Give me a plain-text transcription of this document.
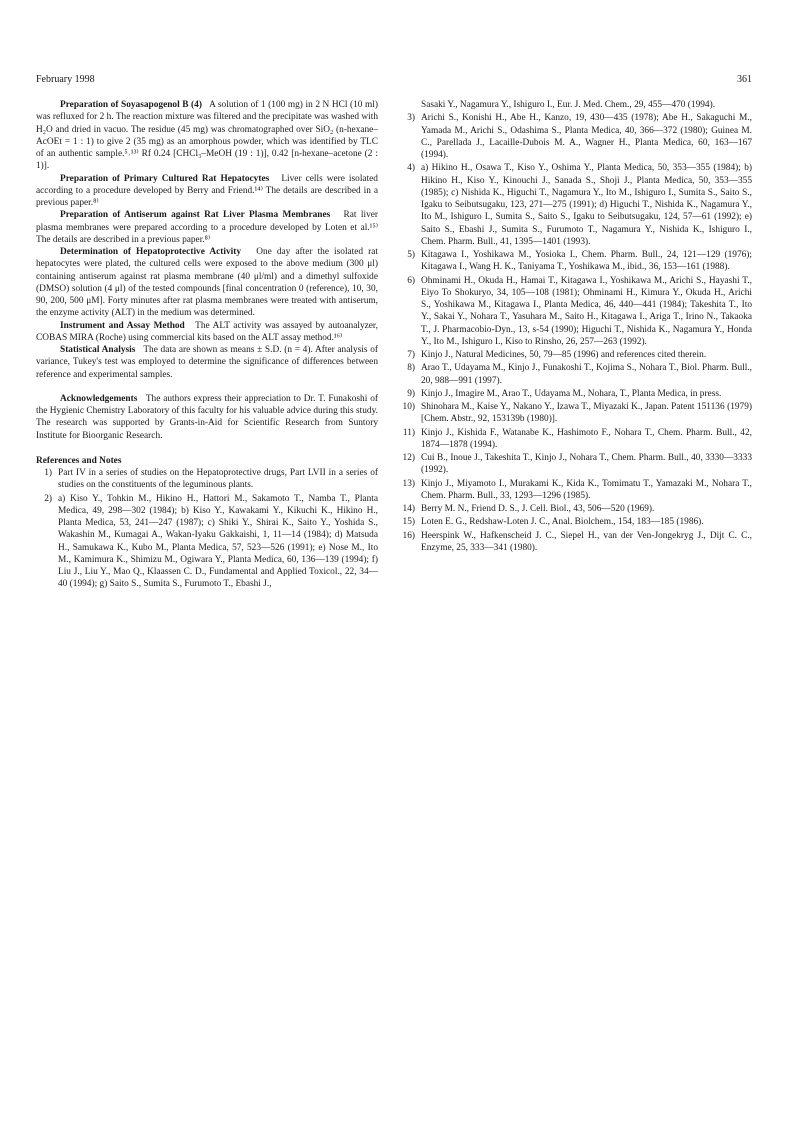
February 1998	361

Preparation of Soyasapogenol B (4) A solution of 1 (100 mg) in 2 N HCl (10 ml) was refluxed for 2 h. The reaction mixture was filtered and the precipitate was washed with H₂O and dried in vacuo. The residue (45 mg) was chromatographed over SiO₂ (n-hexane–AcOEt = 1 : 1) to give 2 (35 mg) as an amorphous powder, which was identified by TLC of an authentic sample.⁵˒¹³⁾ Rf 0.24 [CHCl₃–MeOH (19 : 1)], 0.42 [n-hexane–acetone (2 : 1)].

Preparation of Primary Cultured Rat Hepatocytes Liver cells were isolated according to a procedure developed by Berry and Friend.¹⁴⁾ The details are described in a previous paper.⁸⁾

Preparation of Antiserum against Rat Liver Plasma Membranes Rat liver plasma membranes were prepared according to a procedure developed by Loten et al.¹⁵⁾ The details are described in a previous paper.⁸⁾

Determination of Hepatoprotective Activity One day after the isolated rat hepatocytes were plated, the cultured cells were exposed to the above medium (300 μl) containing antiserum against rat plasma membrane (40 μl/ml) and a dimethyl sulfoxide (DMSO) solution (4 μl) of the tested compounds [final concentration 0 (reference), 10, 30, 90, 200, 500 μM]. Forty minutes after rat plasma membranes were treated with antiserum, the enzyme activity (ALT) in the medium was determined.

Instrument and Assay Method The ALT activity was assayed by autoanalyzer, COBAS MIRA (Roche) using commercial kits based on the ALT assay method.¹⁶⁾

Statistical Analysis The data are shown as means ± S.D. (n = 4). After analysis of variance, Tukey's test was employed to determine the significance of differences between reference and experimental samples.

Acknowledgements The authors express their appreciation to Dr. T. Funakoshi of the Hygienic Chemistry Laboratory of this faculty for his valuable advice during this study. The research was supported by Grants-in-Aid for Scientific Research from Suntory Institute for Bioorganic Research.

References and Notes

1) Part IV in a series of studies on the Hepatoprotective drugs, Part LVII in a series of studies on the constituents of the leguminous plants.
2) a) Kiso Y., Tohkin M., Hikino H., Hattori M., Sakamoto T., Namba T., Planta Medica, 49, 298—302 (1984); b) Kiso Y., Kawakami Y., Kikuchi K., Hikino H., Planta Medica, 53, 241—247 (1987); c) Shiki Y., Shirai K., Saito Y., Yoshida S., Wakashin M., Kumagai A., Wakan-Iyaku Gakkaishi, 1, 11—14 (1984); d) Matsuda H., Samukawa K., Kubo M., Planta Medica, 57, 523—526 (1991); e) Nose M., Ito M., Kamimura K., Shimizu M., Ogiwara Y., Planta Medica, 60, 136—139 (1994); f) Liu J., Liu Y., Mao Q., Klaassen C. D., Fundamental and Applied Toxicol., 22, 34—40 (1994); g) Saito S., Sumita S., Furumoto T., Ebashi J.,
Sasaki Y., Nagamura Y., Ishiguro I., Eur. J. Med. Chem., 29, 455—470 (1994).
3) Arichi S., Konishi H., Abe H., Kanzo, 19, 430—435 (1978); Abe H., Sakaguchi M., Yamada M., Arichi S., Odashima S., Planta Medica, 40, 366—372 (1980); Guinea M. C., Parellada J., Lacaille-Dubois M. A., Wagner H., Planta Medica, 60, 163—167 (1994).
4) a) Hikino H., Osawa T., Kiso Y., Oshima Y., Planta Medica, 50, 353—355 (1984); b) Hikino H., Kiso Y., Kinouchi J., Sanada S., Shoji J., Planta Medica, 50, 353—355 (1985); c) Nishida K., Higuchi T., Nagamura Y., Ito M., Ishiguro I., Sumita S., Saito S., Igaku to Seibutsugaku, 123, 271—275 (1991); d) Higuchi T., Nishida K., Nagamura Y., Ito M., Ishiguro I., Sumita S., Saito S., Igaku to Seibutsugaku, 124, 57—61 (1992); e) Saito S., Ebashi J., Sumita S., Furumoto T., Nagamura Y., Nishida K., Ishiguro I., Chem. Pharm. Bull., 41, 1395—1401 (1993).
5) Kitagawa I., Yoshikawa M., Yosioka I., Chem. Pharm. Bull., 24, 121—129 (1976); Kitagawa I., Wang H. K., Taniyama T., Yoshikawa M., ibid., 36, 153—161 (1988).
6) Ohminami H., Okuda H., Hamai T., Kitagawa I., Yoshikawa M., Arichi S., Hayashi T., Eiyo To Shokuryo, 34, 105—108 (1981); Ohminami H., Kimura Y., Okuda H., Arichi S., Yoshikawa M., Kitagawa I., Planta Medica, 46, 440—441 (1984); Takeshita T., Ito Y., Sakai Y., Nohara T., Yasuhara M., Saito H., Kitagawa I., Ariga T., Irino N., Takaoka T., J. Pharmacobio-Dyn., 13, s-54 (1990); Higuchi T., Nishida K., Nagamura Y., Honda Y., Ito M., Ishiguro I., Kiso to Rinsho, 26, 257—263 (1992).
7) Kinjo J., Natural Medicines, 50, 79—85 (1996) and references cited therein.
8) Arao T., Udayama M., Kinjo J., Funakoshi T., Kojima S., Nohara T., Biol. Pharm. Bull., 20, 988—991 (1997).
9) Kinjo J., Imagire M., Arao T., Udayama M., Nohara, T., Planta Medica, in press.
10) Shinohara M., Kaise Y., Nakano Y., Izawa T., Miyazaki K., Japan. Patent 151136 (1979) [Chem. Abstr., 92, 153139b (1980)].
11) Kinjo J., Kishida F., Watanabe K., Hashimoto F., Nohara T., Chem. Pharm. Bull., 42, 1874—1878 (1994).
12) Cui B., Inoue J., Takeshita T., Kinjo J., Nohara T., Chem. Pharm. Bull., 40, 3330—3333 (1992).
13) Kinjo J., Miyamoto I., Murakami K., Kida K., Tomimatu T., Yamazaki M., Nohara T., Chem. Pharm. Bull., 33, 1293—1296 (1985).
14) Berry M. N., Friend D. S., J. Cell. Biol., 43, 506—520 (1969).
15) Loten E. G., Redshaw-Loten J. C., Anal. Biolchem., 154, 183—185 (1986).
16) Heerspink W., Hafkenscheid J. C., Siepel H., van der Ven-Jongekryg J., Dijt C. C., Enzyme, 25, 333—341 (1980).
